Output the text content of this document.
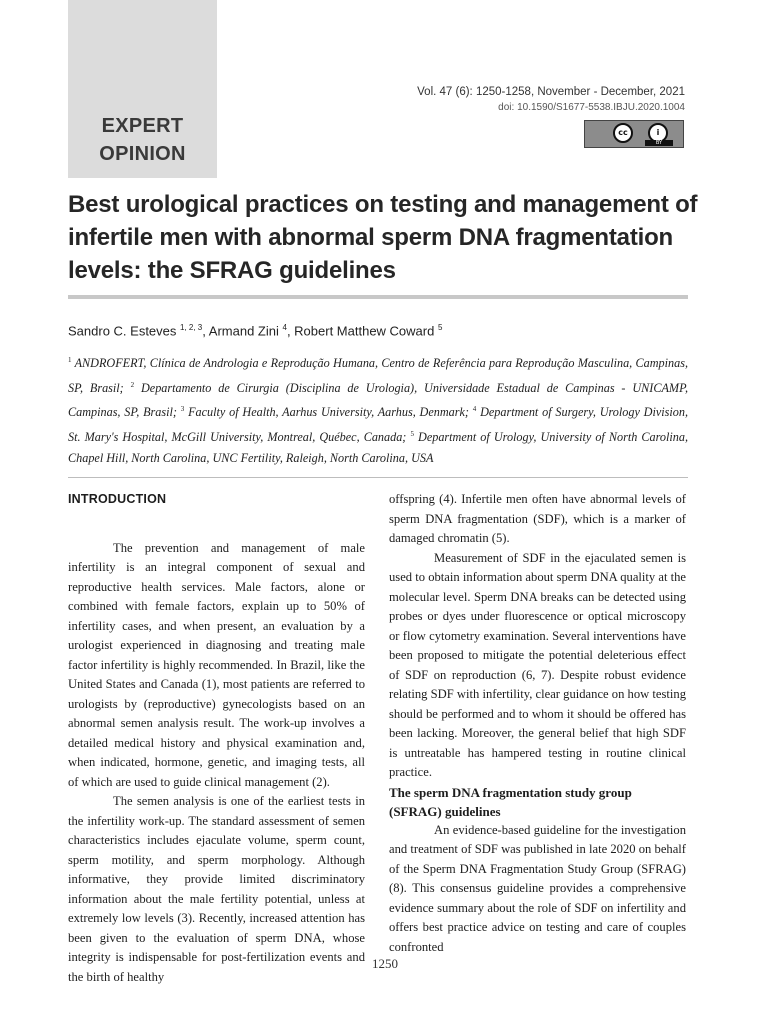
EXPERT
OPINION
Vol. 47 (6): 1250-1258, November - December, 2021
doi: 10.1590/S1677-5538.IBJU.2020.1004
cc	i
BY
Best urological practices on testing and management of infertile men with abnormal sperm DNA fragmentation levels: the SFRAG guidelines
Sandro C. Esteves $^{1, 2, 3}$, Armand Zini $^4$, Robert Matthew Coward $^5$
$^1$ ANDROFERT, Clínica de Andrologia e Reprodução Humana, Centro de Referência para Reprodução Masculina, Campinas, SP, Brasil; $^2$ Departamento de Cirurgia (Disciplina de Urologia), Universidade Estadual de Campinas - UNICAMP, Campinas, SP, Brasil; $^3$ Faculty of Health, Aarhus University, Aarhus, Denmark; $^4$ Department of Surgery, Urology Division, St. Mary's Hospital, McGill University, Montreal, Québec, Canada; $^5$ Department of Urology, University of North Carolina, Chapel Hill, North Carolina, UNC Fertility, Raleigh, North Carolina, USA
INTRODUCTION

The prevention and management of male infertility is an integral component of sexual and reproductive health services. Male factors, alone or combined with female factors, explain up to 50% of infertility cases, and when present, an evaluation by a urologist experienced in diagnosing and treating male factor infertility is highly recommended. In Brazil, like the United States and Canada (1), most patients are referred to urologists by (reproductive) gynecologists based on an abnormal semen analysis result. The work-up involves a detailed medical history and physical examination and, when indicated, hormone, genetic, and imaging tests, all of which are used to guide clinical management (2).

The semen analysis is one of the earliest tests in the infertility work-up. The standard assessment of semen characteristics includes ejaculate volume, sperm count, sperm motility, and sperm morphology. Although informative, they provide limited discriminatory information about the male fertility potential, unless at extremely low levels (3). Recently, increased attention has been given to the evaluation of sperm DNA, whose integrity is indispensable for post-fertilization events and the birth of healthy

offspring (4). Infertile men often have abnormal levels of sperm DNA fragmentation (SDF), which is a marker of damaged chromatin (5).

Measurement of SDF in the ejaculated semen is used to obtain information about sperm DNA quality at the molecular level. Sperm DNA breaks can be detected using probes or dyes under fluorescence or optical microscopy or flow cytometry examination. Several interventions have been proposed to mitigate the potential deleterious effect of SDF on reproduction (6, 7). Despite robust evidence relating SDF with infertility, clear guidance on how testing should be performed and to whom it should be offered has been lacking. Moreover, the general belief that high SDF is untreatable has hampered testing in routine clinical practice.

The sperm DNA fragmentation study group (SFRAG) guidelines

An evidence-based guideline for the investigation and treatment of SDF was published in late 2020 on behalf of the Sperm DNA Fragmentation Study Group (SFRAG) (8). This consensus guideline provides a comprehensive evidence summary about the role of SDF on infertility and offers best practice advice on testing and care of couples confronted

1250
